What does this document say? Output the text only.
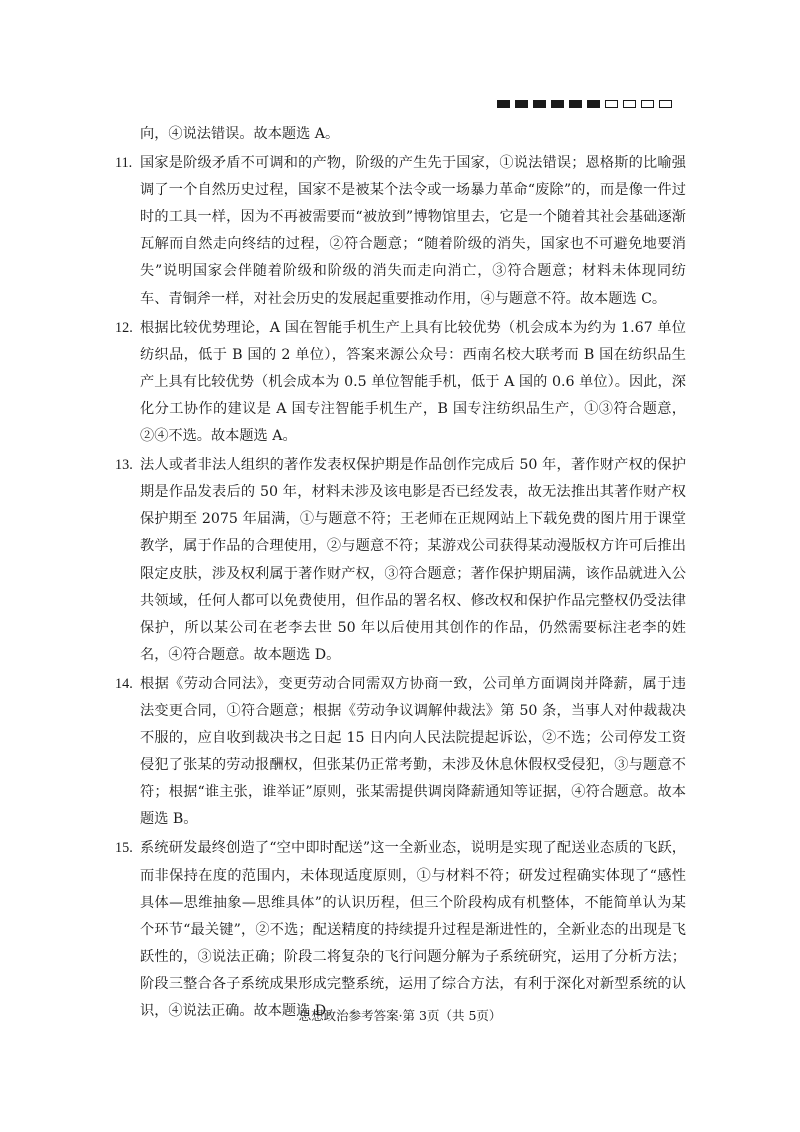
向，④说法错误。故本题选 A。

11. 国家是阶级矛盾不可调和的产物，阶级的产生先于国家，①说法错误；恩格斯的比喻强调了一个自然历史过程，国家不是被某个法令或一场暴力革命“废除”的，而是像一件过时的工具一样，因为不再被需要而“被放到”博物馆里去，它是一个随着其社会基础逐渐瓦解而自然走向终结的过程，②符合题意；“随着阶级的消失，国家也不可避免地要消失”说明国家会伴随着阶级和阶级的消失而走向消亡，③符合题意；材料未体现同纺车、青铜斧一样，对社会历史的发展起重要推动作用，④与题意不符。故本题选 C。
12. 根据比较优势理论，A 国在智能手机生产上具有比较优势（机会成本为约为 1.67 单位纺织品，低于 B 国的 2 单位），答案来源公众号：西南名校大联考而 B 国在纺织品生产上具有比较优势（机会成本为 0.5 单位智能手机，低于 A 国的 0.6 单位）。因此，深化分工协作的建议是 A 国专注智能手机生产，B 国专注纺织品生产，①③符合题意，②④不选。故本题选 A。
13. 法人或者非法人组织的著作发表权保护期是作品创作完成后 50 年，著作财产权的保护期是作品发表后的 50 年，材料未涉及该电影是否已经发表，故无法推出其著作财产权保护期至 2075 年届满，①与题意不符；王老师在正规网站上下载免费的图片用于课堂教学，属于作品的合理使用，②与题意不符；某游戏公司获得某动漫版权方许可后推出限定皮肤，涉及权利属于著作财产权，③符合题意；著作保护期届满，该作品就进入公共领域，任何人都可以免费使用，但作品的署名权、修改权和保护作品完整权仍受法律保护，所以某公司在老李去世 50 年以后使用其创作的作品，仍然需要标注老李的姓名，④符合题意。故本题选 D。
14. 根据《劳动合同法》，变更劳动合同需双方协商一致，公司单方面调岗并降薪，属于违法变更合同，①符合题意；根据《劳动争议调解仲裁法》第 50 条，当事人对仲裁裁决不服的，应自收到裁决书之日起 15 日内向人民法院提起诉讼，②不选；公司停发工资侵犯了张某的劳动报酬权，但张某仍正常考勤，未涉及休息休假权受侵犯，③与题意不符；根据“谁主张，谁举证”原则，张某需提供调岗降薪通知等证据，④符合题意。故本题选 B。
15. 系统研发最终创造了“空中即时配送”这一全新业态，说明是实现了配送业态质的飞跃，而非保持在度的范围内，未体现适度原则，①与材料不符；研发过程确实体现了“感性具体—思维抽象—思维具体”的认识历程，但三个阶段构成有机整体，不能简单认为某个环节“最关键”，②不选；配送精度的持续提升过程是渐进性的，全新业态的出现是飞跃性的，③说法正确；阶段二将复杂的飞行问题分解为子系统研究，运用了分析方法；阶段三整合各子系统成果形成完整系统，运用了综合方法，有利于深化对新型系统的认识，④说法正确。故本题选 D。
思想政治参考答案·第 3页（共 5页）
